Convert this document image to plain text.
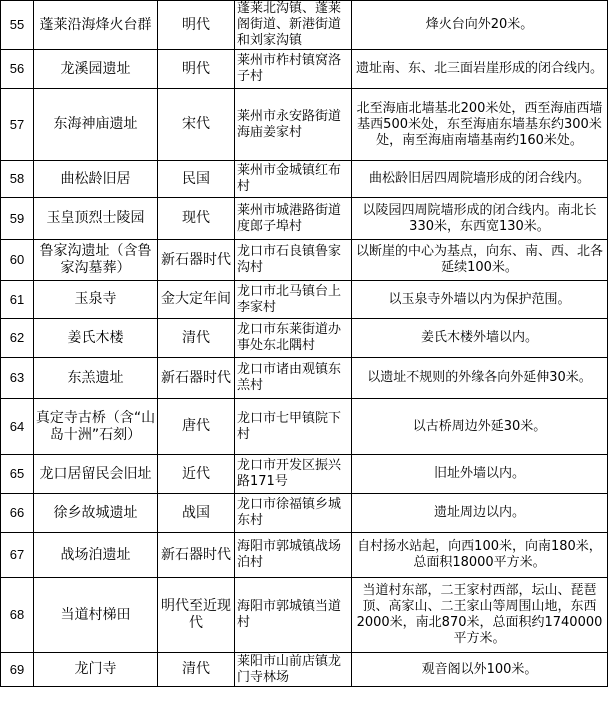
55	蓬莱沿海烽火台群	明代	蓬莱北沟镇、蓬莱阁街道、新港街道和刘家沟镇	烽火台向外20米。
56	龙溪园遗址	明代	莱州市柞村镇窝洛子村	遗址南、东、北三面岩崖形成的闭合线内。
57	东海神庙遗址	宋代	莱州市永安路街道海庙姜家村	北至海庙北墙基北200米处，西至海庙西墙基西500米处，东至海庙东墙基东约300米处，南至海庙南墙基南约160米处。
58	曲松龄旧居	民国	莱州市金城镇红布村	曲松龄旧居四周院墙形成的闭合线内。
59	玉皇顶烈士陵园	现代	莱州市城港路街道度郎子埠村	以陵园四周院墙形成的闭合线内。南北长330米，东西宽130米。
60	鲁家沟遗址（含鲁家沟墓葬）	新石器时代	龙口市石良镇鲁家沟村	以断崖的中心为基点，向东、南、西、北各延续100米。
61	玉泉寺	金大定年间	龙口市北马镇台上李家村	以玉泉寺外墙以内为保护范围。
62	姜氏木楼	清代	龙口市东莱街道办事处东北隅村	姜氏木楼外墙以内。
63	东羔遗址	新石器时代	龙口市诸由观镇东羔村	以遗址不规则的外缘各向外延伸30米。
64	真定寺古桥（含“山岛十洲”石刻）	唐代	龙口市七甲镇院下村	以古桥周边外延30米。
65	龙口居留民会旧址	近代	龙口市开发区振兴路171号	旧址外墙以内。
66	徐乡故城遗址	战国	龙口市徐福镇乡城东村	遗址周边以内。
67	战场泊遗址	新石器时代	海阳市郭城镇战场泊村	自村扬水站起，向西100米，向南180米，总面积18000平方米。
68	当道村梯田	明代至近现代	海阳市郭城镇当道村	当道村东部，二王家村西部，坛山、琵琶顶、高家山、二王家山等周围山地，东西2000米，南北870米，总面积约1740000平方米。
69	龙门寺	清代	莱阳市山前店镇龙门寺林场	观音阁以外100米。
